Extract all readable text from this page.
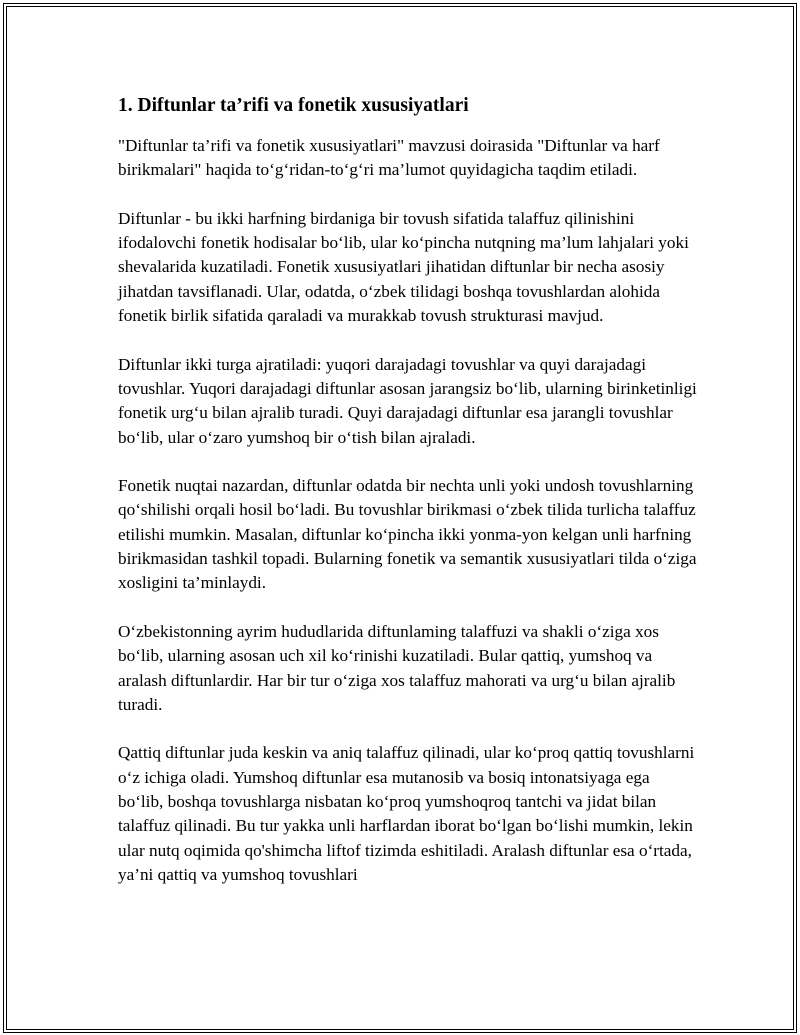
1. Diftunlar ta’rifi va fonetik xususiyatlari

"Diftunlar ta’rifi va fonetik xususiyatlari" mavzusi doirasida "Diftunlar va harf birikmalari" haqida to‘g‘ridan-to‘g‘ri ma’lumot quyidagicha taqdim etiladi.

Diftunlar - bu ikki harfning birdaniga bir tovush sifatida talaffuz qilinishini ifodalovchi fonetik hodisalar bo‘lib, ular ko‘pincha nutqning ma’lum lahjalari yoki shevalarida kuzatiladi. Fonetik xususiyatlari jihatidan diftunlar bir necha asosiy jihatdan tavsiflanadi. Ular, odatda, o‘zbek tilidagi boshqa tovushlardan alohida fonetik birlik sifatida qaraladi va murakkab tovush strukturasi mavjud.

Diftunlar ikki turga ajratiladi: yuqori darajadagi tovushlar va quyi darajadagi tovushlar. Yuqori darajadagi diftunlar asosan jarangsiz bo‘lib, ularning birinketinligi fonetik urg‘u bilan ajralib turadi. Quyi darajadagi diftunlar esa jarangli tovushlar bo‘lib, ular o‘zaro yumshoq bir o‘tish bilan ajraladi.

Fonetik nuqtai nazardan, diftunlar odatda bir nechta unli yoki undosh tovushlarning qo‘shilishi orqali hosil bo‘ladi. Bu tovushlar birikmasi o‘zbek tilida turlicha talaffuz etilishi mumkin. Masalan, diftunlar ko‘pincha ikki yonma-yon kelgan unli harfning birikmasidan tashkil topadi. Bularning fonetik va semantik xususiyatlari tilda o‘ziga xosligini ta’minlaydi.

O‘zbekistonning ayrim hududlarida diftunlaming talaffuzi va shakli o‘ziga xos bo‘lib, ularning asosan uch xil ko‘rinishi kuzatiladi. Bular qattiq, yumshoq va aralash diftunlardir. Har bir tur o‘ziga xos talaffuz mahorati va urg‘u bilan ajralib turadi.

Qattiq diftunlar juda keskin va aniq talaffuz qilinadi, ular ko‘proq qattiq tovushlarni o‘z ichiga oladi. Yumshoq diftunlar esa mutanosib va bosiq intonatsiyaga ega bo‘lib, boshqa tovushlarga nisbatan ko‘proq yumshoqroq tantchi va jidat bilan talaffuz qilinadi. Bu tur yakka unli harflardan iborat bo‘lgan bo‘lishi mumkin, lekin ular nutq oqimida qo'shimcha liftof tizimda eshitiladi. Aralash diftunlar esa o‘rtada, ya’ni qattiq va yumshoq tovushlari
